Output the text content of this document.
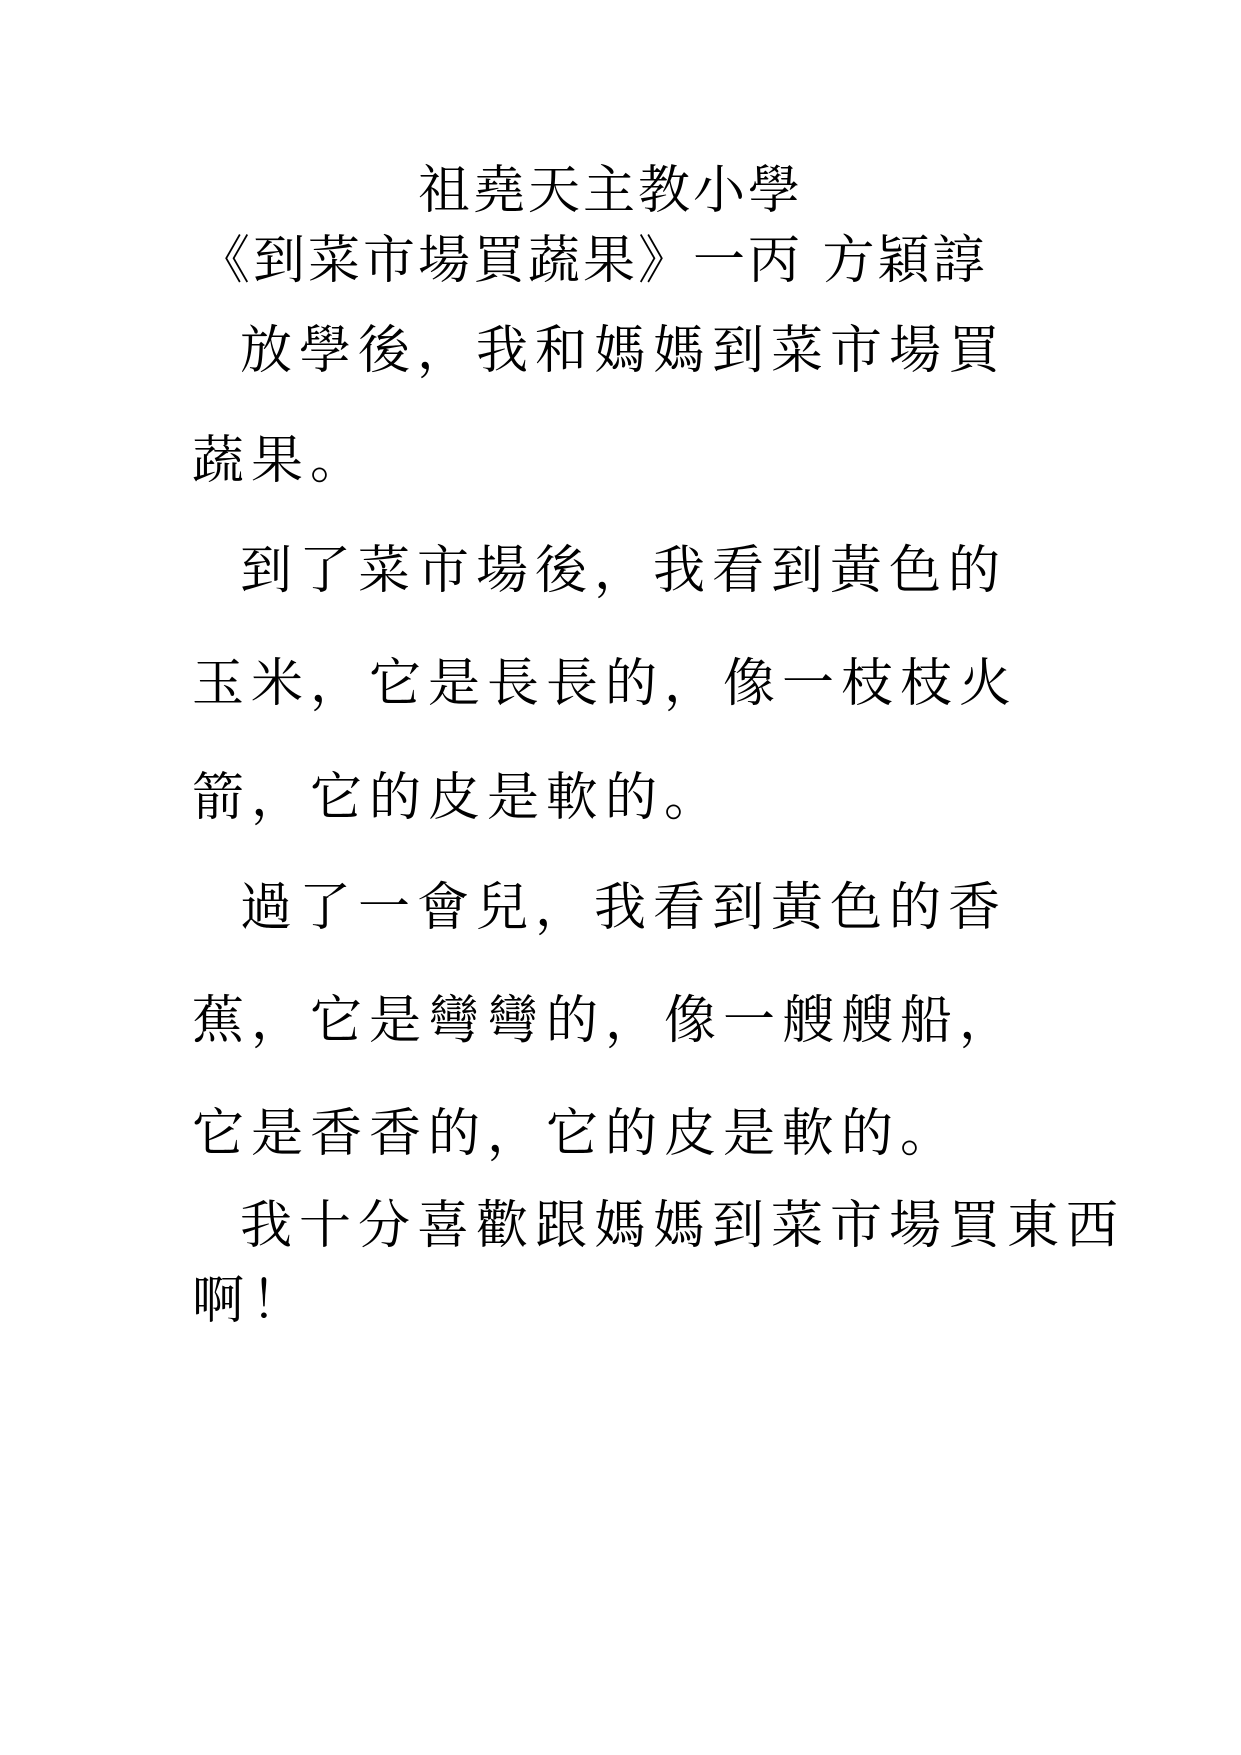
祖堯天主教小學
《到菜市場買蔬果》一丙 方穎諄
放學後，我和媽媽到菜市場買
蔬果。
到了菜市場後，我看到黃色的
玉米，它是長長的，像一枝枝火
箭，它的皮是軟的。
過了一會兒，我看到黃色的香
蕉，它是彎彎的，像一艘艘船，
它是香香的，它的皮是軟的。
我十分喜歡跟媽媽到菜市場買東西
啊！
